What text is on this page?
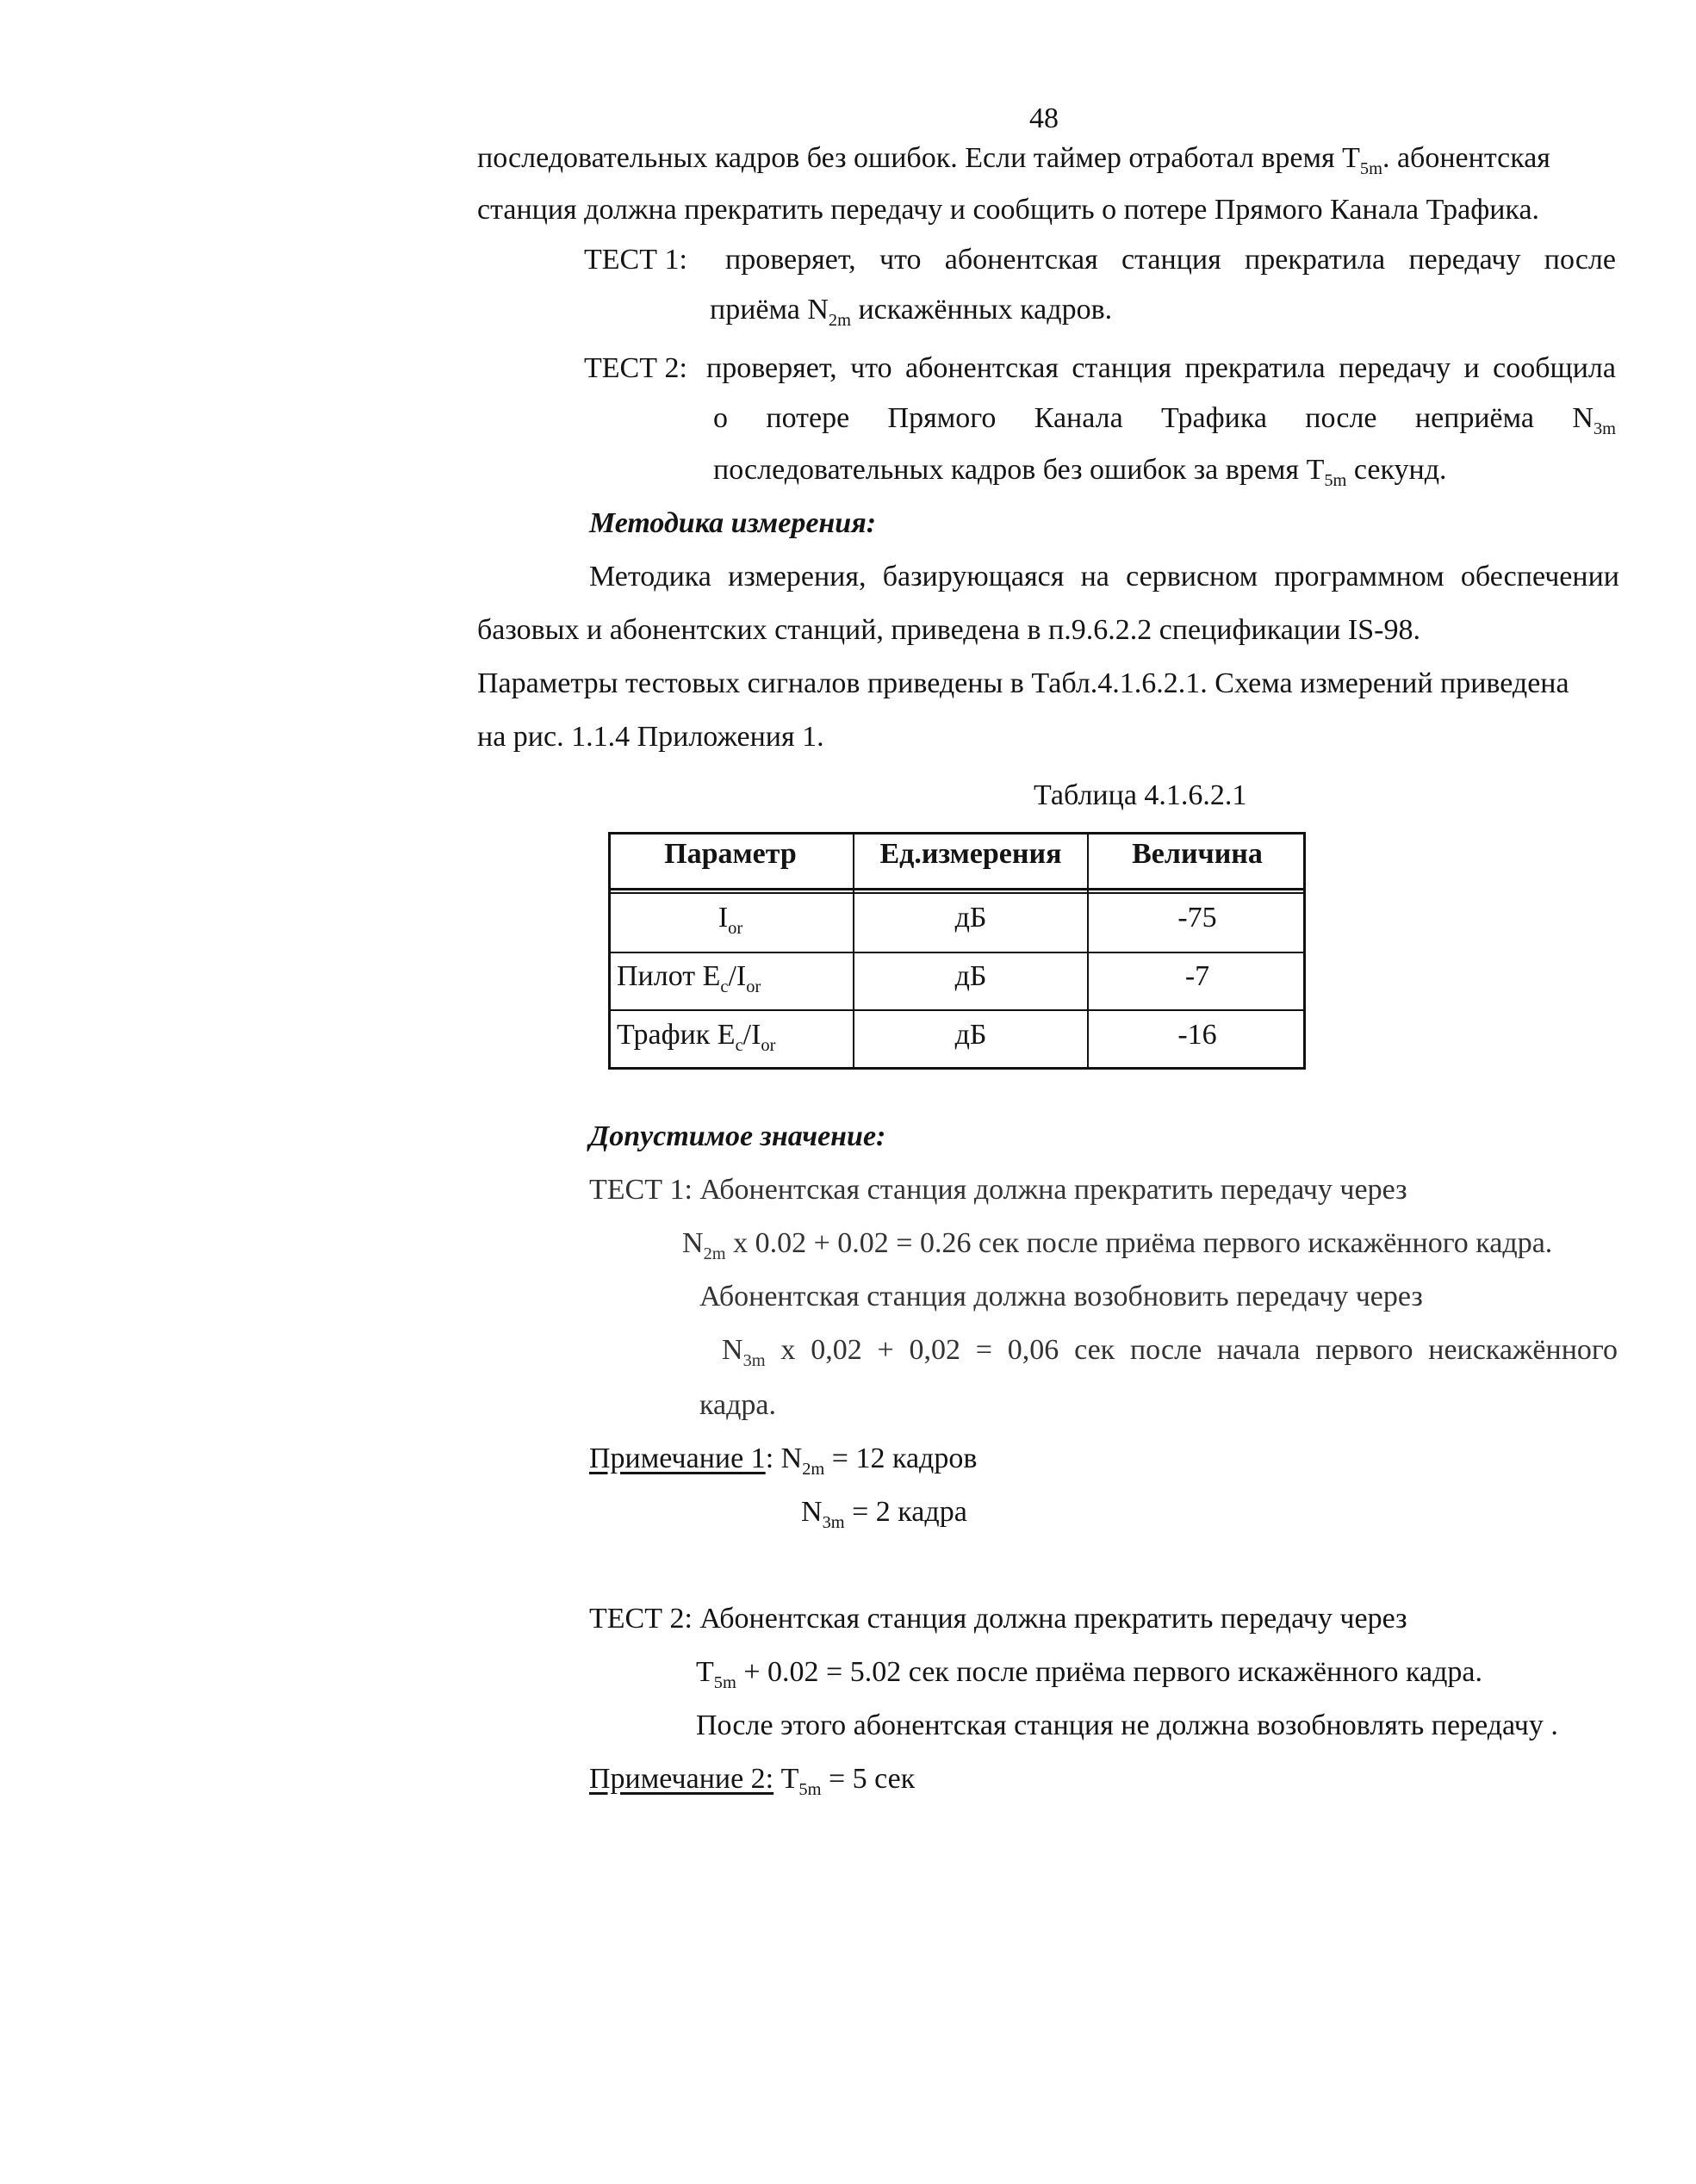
48

последовательных кадров без ошибок. Если таймер отработал время $T_{5m}$. абонентская

станция должна прекратить передачу и сообщить о потере Прямого Канала Трафика.

ТЕСТ 1: проверяет, что абонентская станция прекратила передачу после

приёма $N_{2m}$ искажённых кадров.

ТЕСТ 2: проверяет, что абонентская станция прекратила передачу и сообщила

о потере Прямого Канала Трафика после неприёма $N_{3m}$

последовательных кадров без ошибок за время $T_{5m}$ секунд.

Методика измерения:

Методика измерения, базирующаяся на сервисном программном обеспечении

базовых и абонентских станций, приведена в п.9.6.2.2 спецификации IS-98.

Параметры тестовых сигналов приведены в Табл.4.1.6.2.1. Схема измерений приведена

на рис. 1.1.4 Приложения 1.

Таблица 4.1.6.2.1

Параметр	Ед.измерения	Величина

$I_{or}$	дБ	-75

Пилот $E_c/I_{or}$	дБ	-7

Трафик $E_c/I_{or}$	дБ	-16

Допустимое значение:

ТЕСТ 1: Абонентская станция должна прекратить передачу через

$N_{2m}$ x 0.02 + 0.02 = 0.26 сек после приёма первого искажённого кадра.

Абонентская станция должна возобновить передачу через

$N_{3m}$ x 0,02 + 0,02 = 0,06 сек после начала первого неискажённого

кадра.

Примечание 1: $N_{2m} = 12$ кадров

$N_{3m} = 2$ кадра

ТЕСТ 2: Абонентская станция должна прекратить передачу через

$T_{5m} + 0.02 = 5.02$ сек после приёма первого искажённого кадра.

После этого абонентская станция не должна возобновлять передачу .

Примечание 2: $T_{5m} = 5$ сек
